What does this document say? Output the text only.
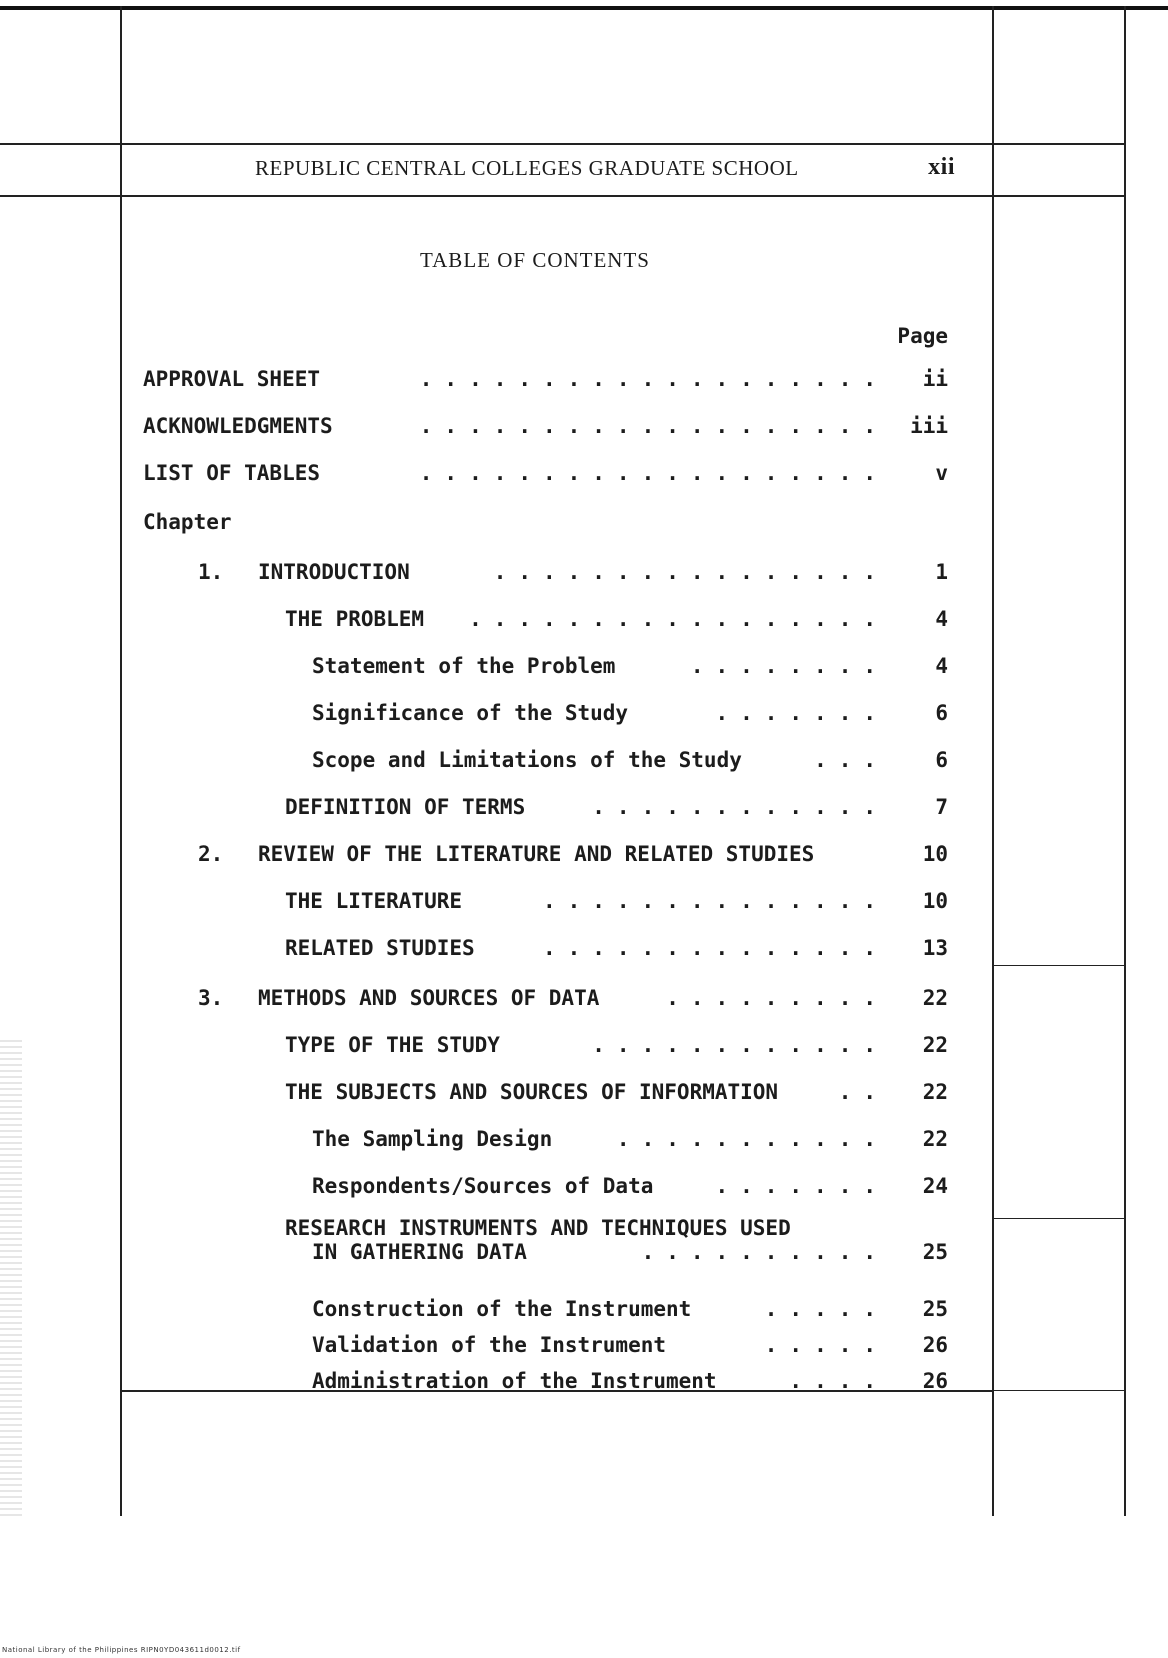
REPUBLIC CENTRAL COLLEGES GRADUATE SCHOOL	xii
TABLE OF CONTENTS
Page
Chapter
APPROVAL SHEET	...................	ii
ACKNOWLEDGMENTS	...................	iii
LIST OF TABLES	...................	v
1. INTRODUCTION	................	1
THE PROBLEM .................	4
Statement of the Problem	........	4
Significance of the Study	.......	6
Scope and Limitations of the Study	...	6
DEFINITION OF TERMS	............	7
2. REVIEW OF THE LITERATURE AND RELATED STUDIES	10
THE LITERATURE	..............	10
RELATED STUDIES	..............	13
3. METHODS AND SOURCES OF DATA	.........	22
TYPE OF THE STUDY	............	22
THE SUBJECTS AND SOURCES OF INFORMATION	..	22
The Sampling Design	...........	22
Respondents/Sources of Data	.......	24
RESEARCH INSTRUMENTS AND TECHNIQUES USED
IN GATHERING DATA	..........	25
Construction of the Instrument	.....	25
Validation of the Instrument	.....	26
Administration of the Instrument	....	26
National Library of the Philippines RIPN0YD043611d0012.tif
